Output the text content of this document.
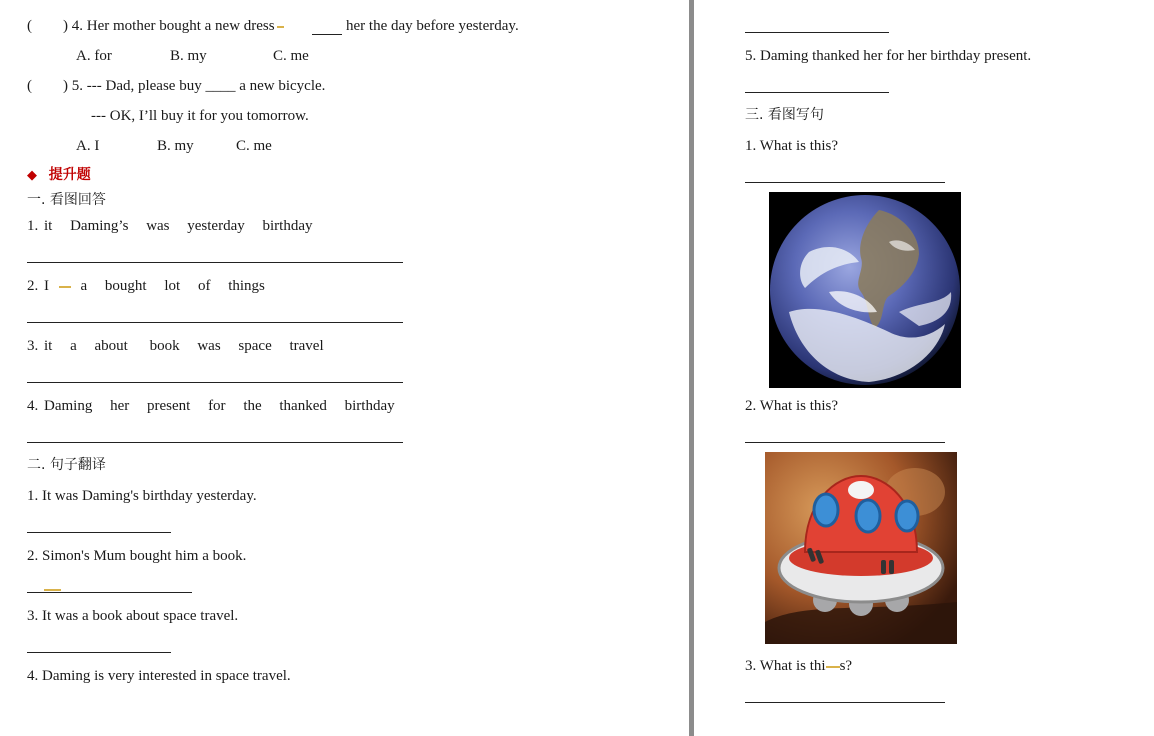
( ) 4. Her mother bought a new dress	her the day before yesterday.
A. for	B. my	C. me
( ) 5. --- Dad, please buy ____ a new bicycle.
--- OK, I’ll buy it for you tomorrow.
A. I	B. my	C. me
◆ 提升题
一. 看图回答
1. it Daming’s was yesterday birthday
2. I a bought lot of things
3. it a about book was space travel
4. Daming her present for the thanked birthday
二. 句子翻译
1. It was Daming's birthday yesterday.
2. Simon's Mum bought him a book.
3. It was a book about space travel.
4. Daming is very interested in space travel.
5. Daming thanked her for her birthday present.
三. 看图写句
1. What is this?
2. What is this?
3. What is thi s?
